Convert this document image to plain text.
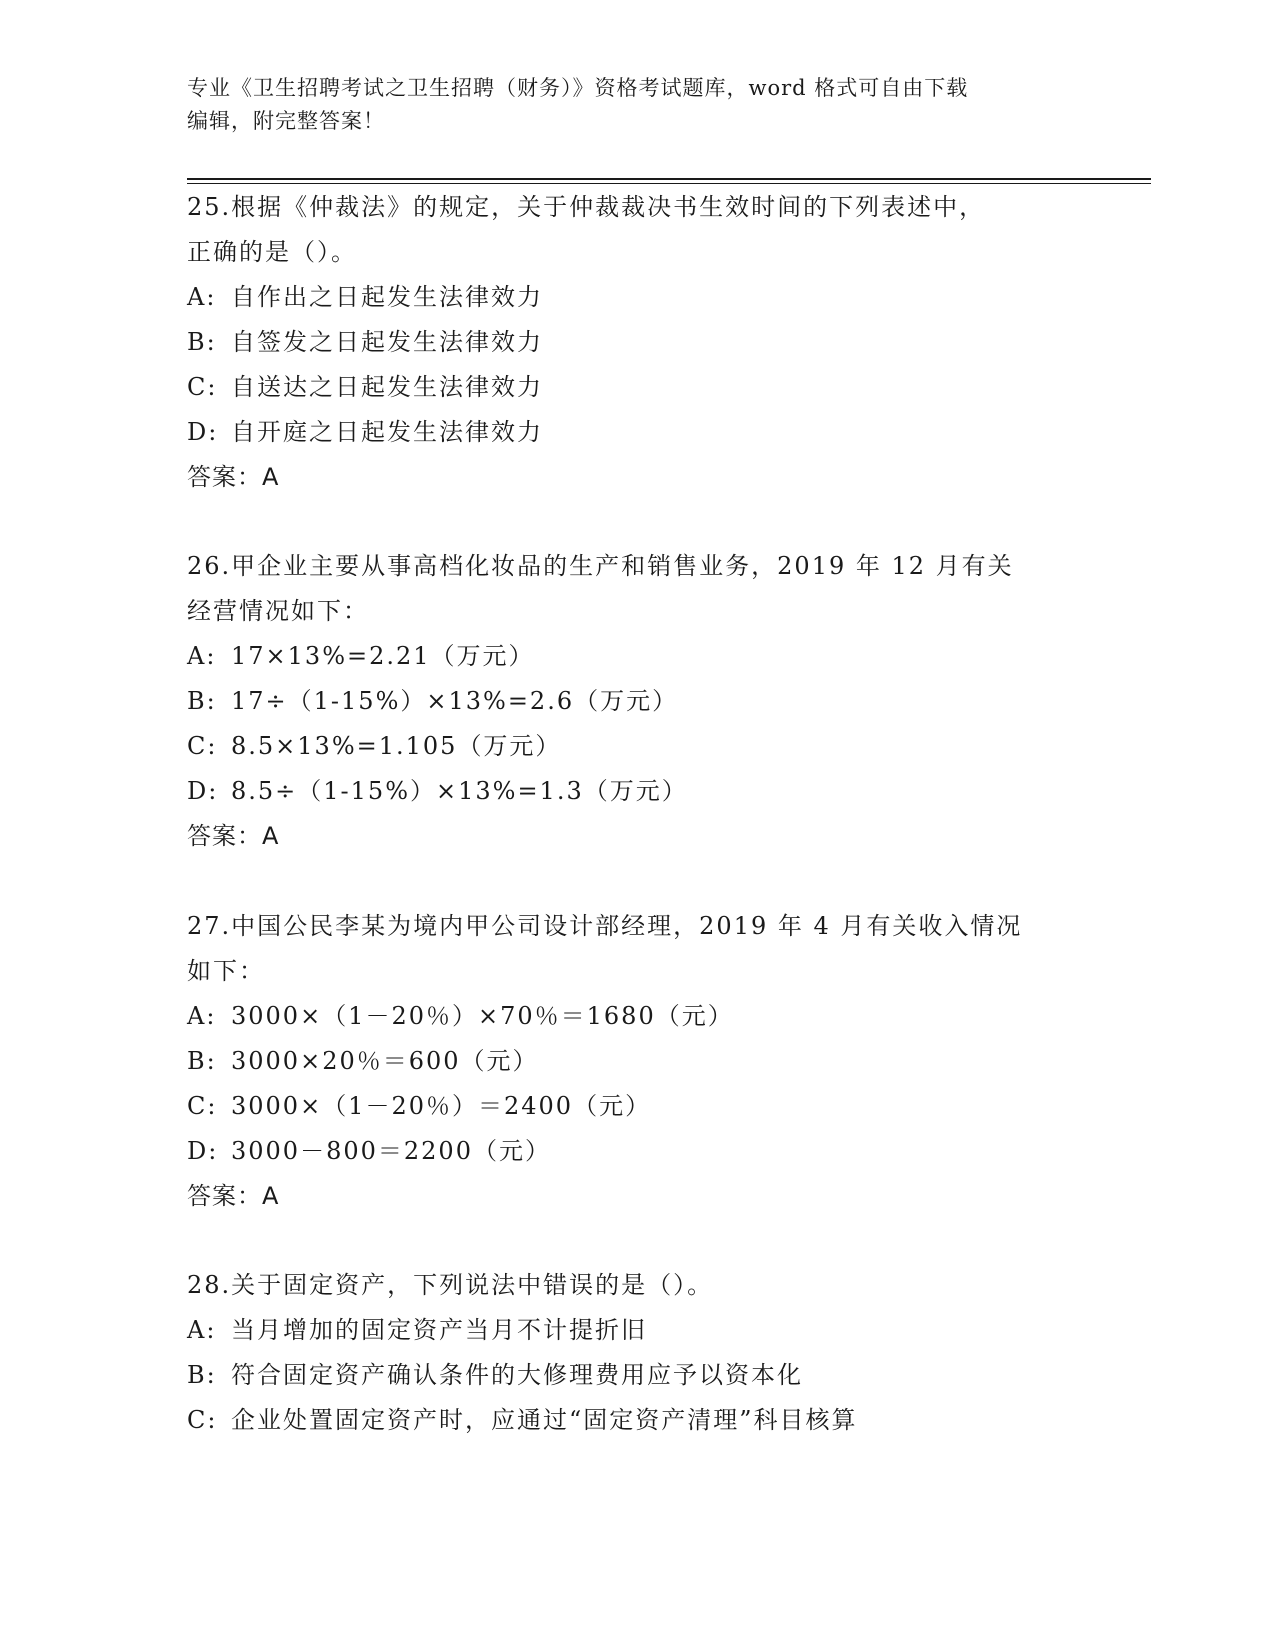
专业《卫生招聘考试之卫生招聘（财务）》资格考试题库，word 格式可自由下载
编辑，附完整答案！
25.根据《仲裁法》的规定，关于仲裁裁决书生效时间的下列表述中，
正确的是（）。
A: 自作出之日起发生法律效力
B: 自签发之日起发生法律效力
C: 自送达之日起发生法律效力
D: 自开庭之日起发生法律效力
答案：A
26.甲企业主要从事高档化妆品的生产和销售业务，2019 年 12 月有关
经营情况如下：
A: 17×13%=2.21（万元）
B: 17÷（1-15%）×13%=2.6（万元）
C: 8.5×13%=1.105（万元）
D: 8.5÷（1-15%）×13%=1.3（万元）
答案：A
27.中国公民李某为境内甲公司设计部经理，2019 年 4 月有关收入情况
如下：
A: 3000×（1－20％）×70％＝1680（元）
B: 3000×20％＝600（元）
C: 3000×（1－20％）＝2400（元）
D: 3000－800＝2200（元）
答案：A
28.关于固定资产，下列说法中错误的是（）。
A: 当月增加的固定资产当月不计提折旧
B: 符合固定资产确认条件的大修理费用应予以资本化
C: 企业处置固定资产时，应通过“固定资产清理”科目核算
